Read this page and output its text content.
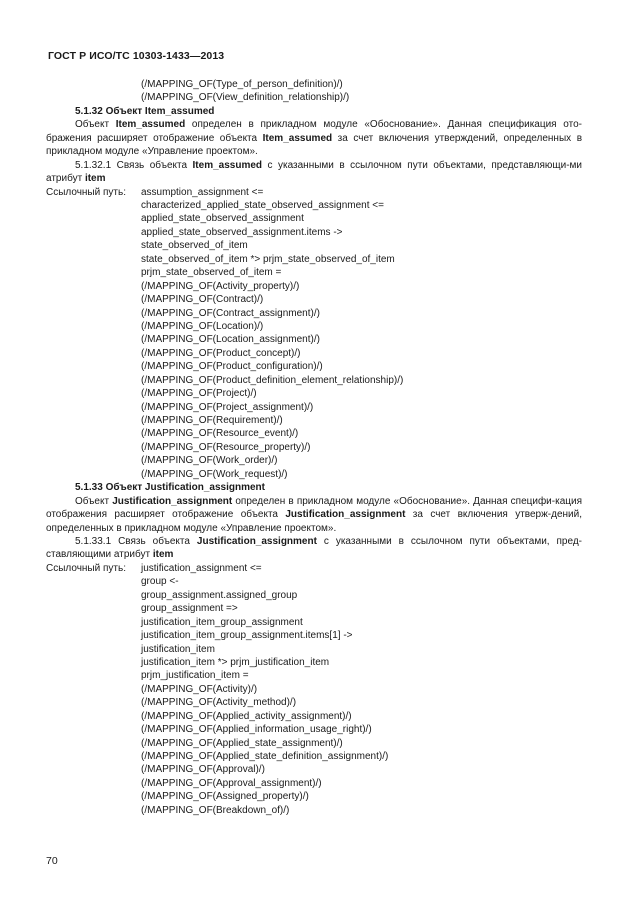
ГОСТ Р ИСО/ТС 10303-1433—2013
(/MAPPING_OF(Type_of_person_definition)/)
(/MAPPING_OF(View_definition_relationship)/)
5.1.32 Объект Item_assumed
Объект Item_assumed определен в прикладном модуле «Обоснование». Данная спецификация ото-бражения расширяет отображение объекта Item_assumed за счет включения утверждений, определенных в прикладном модуле «Управление проектом».
5.1.32.1 Связь объекта Item_assumed с указанными в ссылочном пути объектами, представляющи-ми атрибут item
Ссылочный путь:	assumption_assignment <=
characterized_applied_state_observed_assignment <=
applied_state_observed_assignment
applied_state_observed_assignment.items ->
state_observed_of_item
state_observed_of_item *> prjm_state_observed_of_item
prjm_state_observed_of_item =
(/MAPPING_OF(Activity_property)/)
(/MAPPING_OF(Contract)/)
(/MAPPING_OF(Contract_assignment)/)
(/MAPPING_OF(Location)/)
(/MAPPING_OF(Location_assignment)/)
(/MAPPING_OF(Product_concept)/)
(/MAPPING_OF(Product_configuration)/)
(/MAPPING_OF(Product_definition_element_relationship)/)
(/MAPPING_OF(Project)/)
(/MAPPING_OF(Project_assignment)/)
(/MAPPING_OF(Requirement)/)
(/MAPPING_OF(Resource_event)/)
(/MAPPING_OF(Resource_property)/)
(/MAPPING_OF(Work_order)/)
(/MAPPING_OF(Work_request)/)
5.1.33 Объект Justification_assignment
Объект Justification_assignment определен в прикладном модуле «Обоснование». Данная специфи-кация отображения расширяет отображение объекта Justification_assignment за счет включения утверж-дений, определенных в прикладном модуле «Управление проектом».
5.1.33.1 Связь объекта Justification_assignment с указанными в ссылочном пути объектами, пред-ставляющими атрибут item
Ссылочный путь:	justification_assignment <=
group <-
group_assignment.assigned_group
group_assignment =>
justification_item_group_assignment
justification_item_group_assignment.items[1] ->
justification_item
justification_item *> prjm_justification_item
prjm_justification_item =
(/MAPPING_OF(Activity)/)
(/MAPPING_OF(Activity_method)/)
(/MAPPING_OF(Applied_activity_assignment)/)
(/MAPPING_OF(Applied_information_usage_right)/)
(/MAPPING_OF(Applied_state_assignment)/)
(/MAPPING_OF(Applied_state_definition_assignment)/)
(/MAPPING_OF(Approval)/)
(/MAPPING_OF(Approval_assignment)/)
(/MAPPING_OF(Assigned_property)/)
(/MAPPING_OF(Breakdown_of)/)
70
